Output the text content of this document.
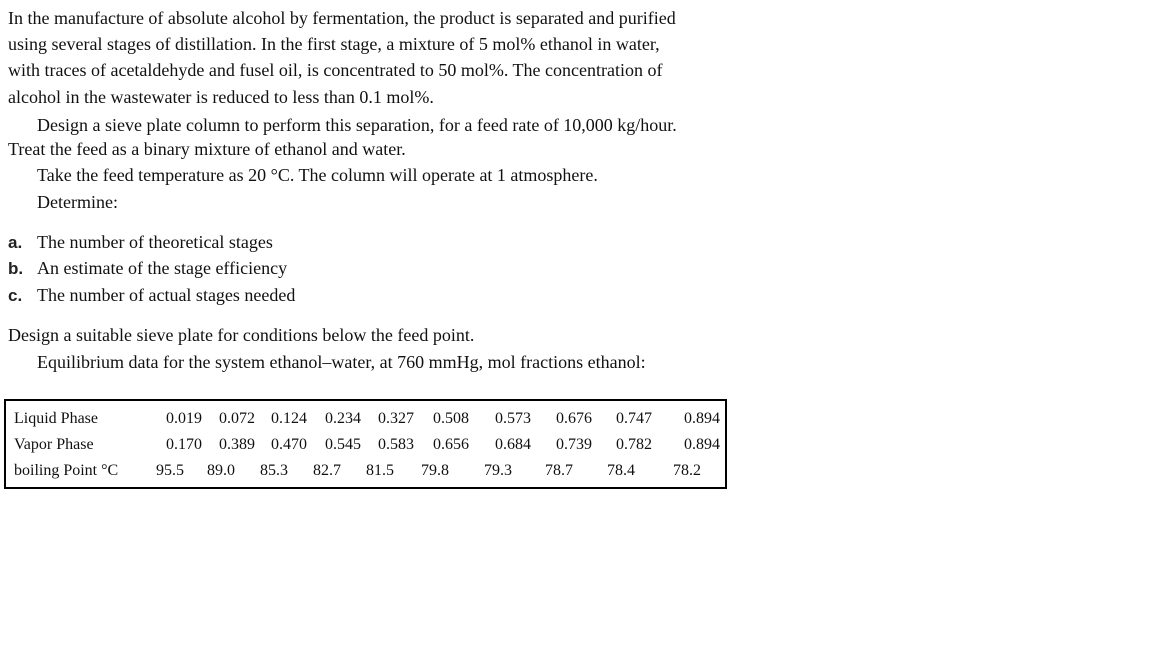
In the manufacture of absolute alcohol by fermentation, the product is separated and purified
using several stages of distillation. In the first stage, a mixture of 5 mol% ethanol in water,
with traces of acetaldehyde and fusel oil, is concentrated to 50 mol%. The concentration of
alcohol in the wastewater is reduced to less than 0.1 mol%.
Design a sieve plate column to perform this separation, for a feed rate of 10,000 kg/hour.
Treat the feed as a binary mixture of ethanol and water.
Take the feed temperature as 20 °C. The column will operate at 1 atmosphere.
Determine:
a. The number of theoretical stages
b. An estimate of the stage efficiency
c. The number of actual stages needed
Design a suitable sieve plate for conditions below the feed point.
Equilibrium data for the system ethanol–water, at 760 mmHg, mol fractions ethanol:
Liquid Phase	0.019	0.072	0.124	0.234	0.327	0.508	0.573	0.676	0.747	0.894
Vapor Phase	0.170	0.389	0.470	0.545	0.583	0.656	0.684	0.739	0.782	0.894
boiling Point °C	95.5	89.0	85.3	82.7	81.5	79.8	79.3	78.7	78.4	78.2
